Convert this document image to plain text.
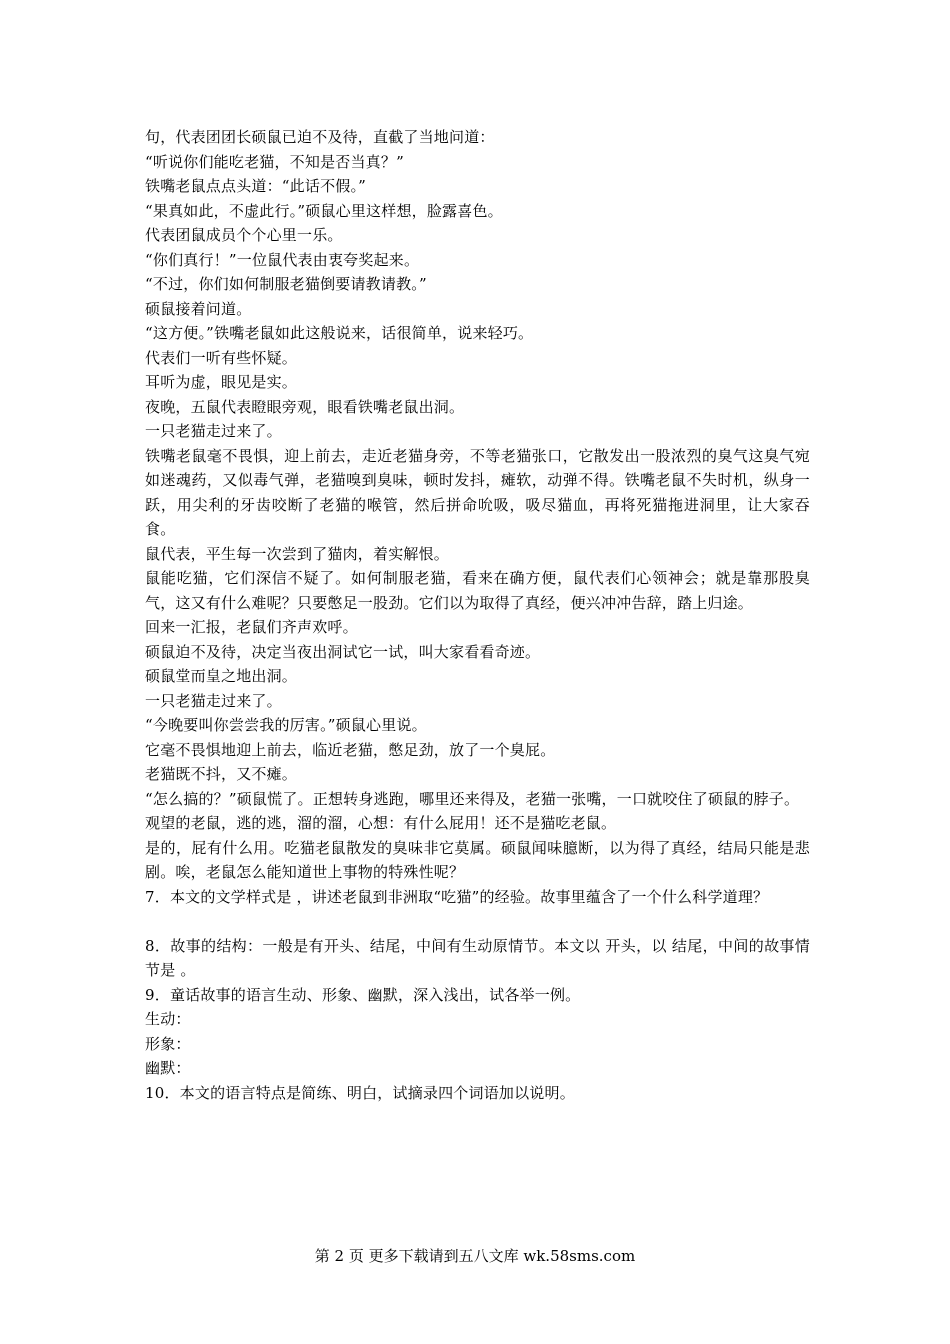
句，代表团团长硕鼠已迫不及待，直截了当地问道：

“听说你们能吃老猫，不知是否当真？”

铁嘴老鼠点点头道：“此话不假。”

“果真如此，不虚此行。”硕鼠心里这样想，脸露喜色。

代表团鼠成员个个心里一乐。

“你们真行！”一位鼠代表由衷夸奖起来。

“不过，你们如何制服老猫倒要请教请教。”

硕鼠接着问道。

“这方便。”铁嘴老鼠如此这般说来，话很简单，说来轻巧。

代表们一听有些怀疑。

耳听为虚，眼见是实。

夜晚，五鼠代表瞪眼旁观，眼看铁嘴老鼠出洞。

一只老猫走过来了。

铁嘴老鼠毫不畏惧，迎上前去，走近老猫身旁，不等老猫张口，它散发出一股浓烈的臭气这臭气宛如迷魂药，又似毒气弹，老猫嗅到臭味，顿时发抖，瘫软，动弹不得。铁嘴老鼠不失时机，纵身一跃，用尖利的牙齿咬断了老猫的喉管，然后拼命吮吸，吸尽猫血，再将死猫拖进洞里，让大家吞食。

鼠代表，平生每一次尝到了猫肉，着实解恨。

鼠能吃猫，它们深信不疑了。如何制服老猫，看来在确方便，鼠代表们心领神会；就是靠那股臭气，这又有什么难呢？只要憋足一股劲。它们以为取得了真经，便兴冲冲告辞，踏上归途。

回来一汇报，老鼠们齐声欢呼。

硕鼠迫不及待，决定当夜出洞试它一试，叫大家看看奇迹。

硕鼠堂而皇之地出洞。

一只老猫走过来了。

“今晚要叫你尝尝我的厉害。”硕鼠心里说。

它毫不畏惧地迎上前去，临近老猫，憋足劲，放了一个臭屁。

老猫既不抖，又不瘫。

“怎么搞的？”硕鼠慌了。正想转身逃跑，哪里还来得及，老猫一张嘴，一口就咬住了硕鼠的脖子。

观望的老鼠，逃的逃，溜的溜，心想：有什么屁用！还不是猫吃老鼠。

是的，屁有什么用。吃猫老鼠散发的臭味非它莫属。硕鼠闻味臆断，以为得了真经，结局只能是悲剧。唉，老鼠怎么能知道世上事物的特殊性呢？

7．本文的文学样式是 ，讲述老鼠到非洲取“吃猫”的经验。故事里蕴含了一个什么科学道理？

8．故事的结构：一般是有开头、结尾，中间有生动原情节。本文以 开头，以 结尾，中间的故事情节是 。

9．童话故事的语言生动、形象、幽默，深入浅出，试各举一例。

生动：

形象：

幽默：

10．本文的语言特点是简练、明白，试摘录四个词语加以说明。

第 2 页 更多下载请到五八文库 wk.58sms.com
